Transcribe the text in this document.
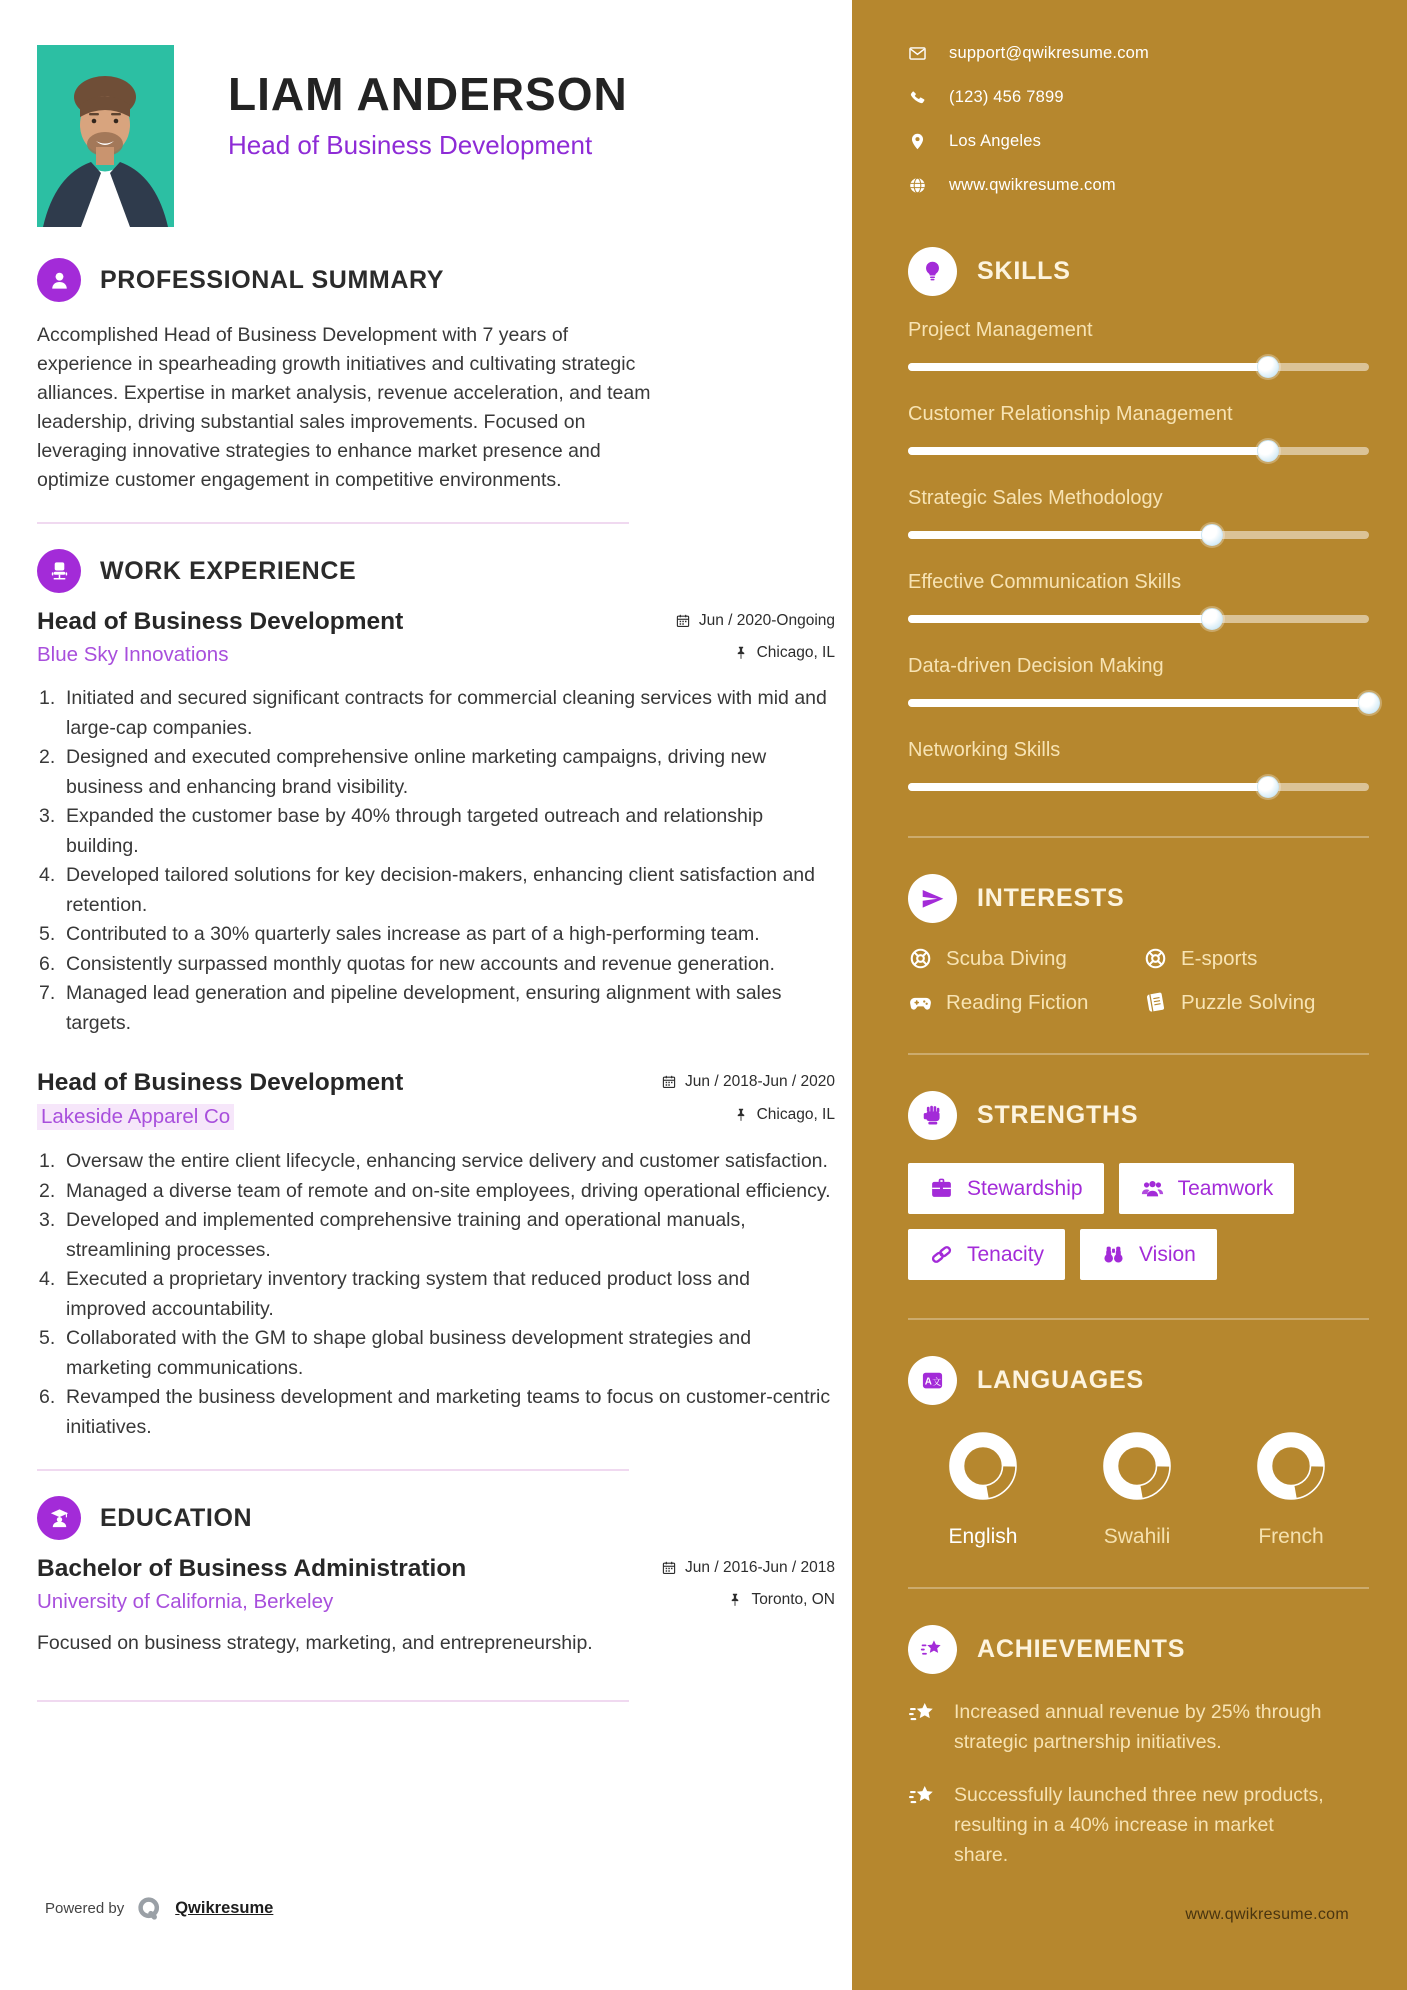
LIAM ANDERSON
Head of Business Development
PROFESSIONAL SUMMARY

Accomplished Head of Business Development with 7 years of experience in spearheading growth initiatives and cultivating strategic alliances. Expertise in market analysis, revenue acceleration, and team leadership, driving substantial sales improvements. Focused on leveraging innovative strategies to enhance market presence and optimize customer engagement in competitive environments.

WORK EXPERIENCE
Head of Business Development	Jun / 2020-Ongoing
Blue Sky Innovations	Chicago, IL
Initiated and secured significant contracts for commercial cleaning services with mid and large-cap companies.
Designed and executed comprehensive online marketing campaigns, driving new business and enhancing brand visibility.
Expanded the customer base by 40% through targeted outreach and relationship building.
Developed tailored solutions for key decision-makers, enhancing client satisfaction and retention.
Contributed to a 30% quarterly sales increase as part of a high-performing team.
Consistently surpassed monthly quotas for new accounts and revenue generation.
Managed lead generation and pipeline development, ensuring alignment with sales targets.
Head of Business Development	Jun / 2018-Jun / 2020
Lakeside Apparel Co	Chicago, IL
Oversaw the entire client lifecycle, enhancing service delivery and customer satisfaction.
Managed a diverse team of remote and on-site employees, driving operational efficiency.
Developed and implemented comprehensive training and operational manuals, streamlining processes.
Executed a proprietary inventory tracking system that reduced product loss and improved accountability.
Collaborated with the GM to shape global business development strategies and marketing communications.
Revamped the business development and marketing teams to focus on customer-centric initiatives.
EDUCATION
Bachelor of Business Administration	Jun / 2016-Jun / 2018
University of California, Berkeley	Toronto, ON

Focused on business strategy, marketing, and entrepreneurship.

Powered by	Qwikresume
support@qwikresume.com
(123) 456 7899
Los Angeles
www.qwikresume.com
SKILLS
Project Management
Customer Relationship Management
Strategic Sales Methodology
Effective Communication Skills
Data-driven Decision Making
Networking Skills
INTERESTS
Scuba Diving	E-sports
Reading Fiction	Puzzle Solving
STRENGTHS
Stewardship	Teamwork
Tenacity	Vision
A 文 LANGUAGES
English	Swahili	French
ACHIEVEMENTS

Increased annual revenue by 25% through strategic partnership initiatives.

Successfully launched three new products, resulting in a 40% increase in market share.

www.qwikresume.com
